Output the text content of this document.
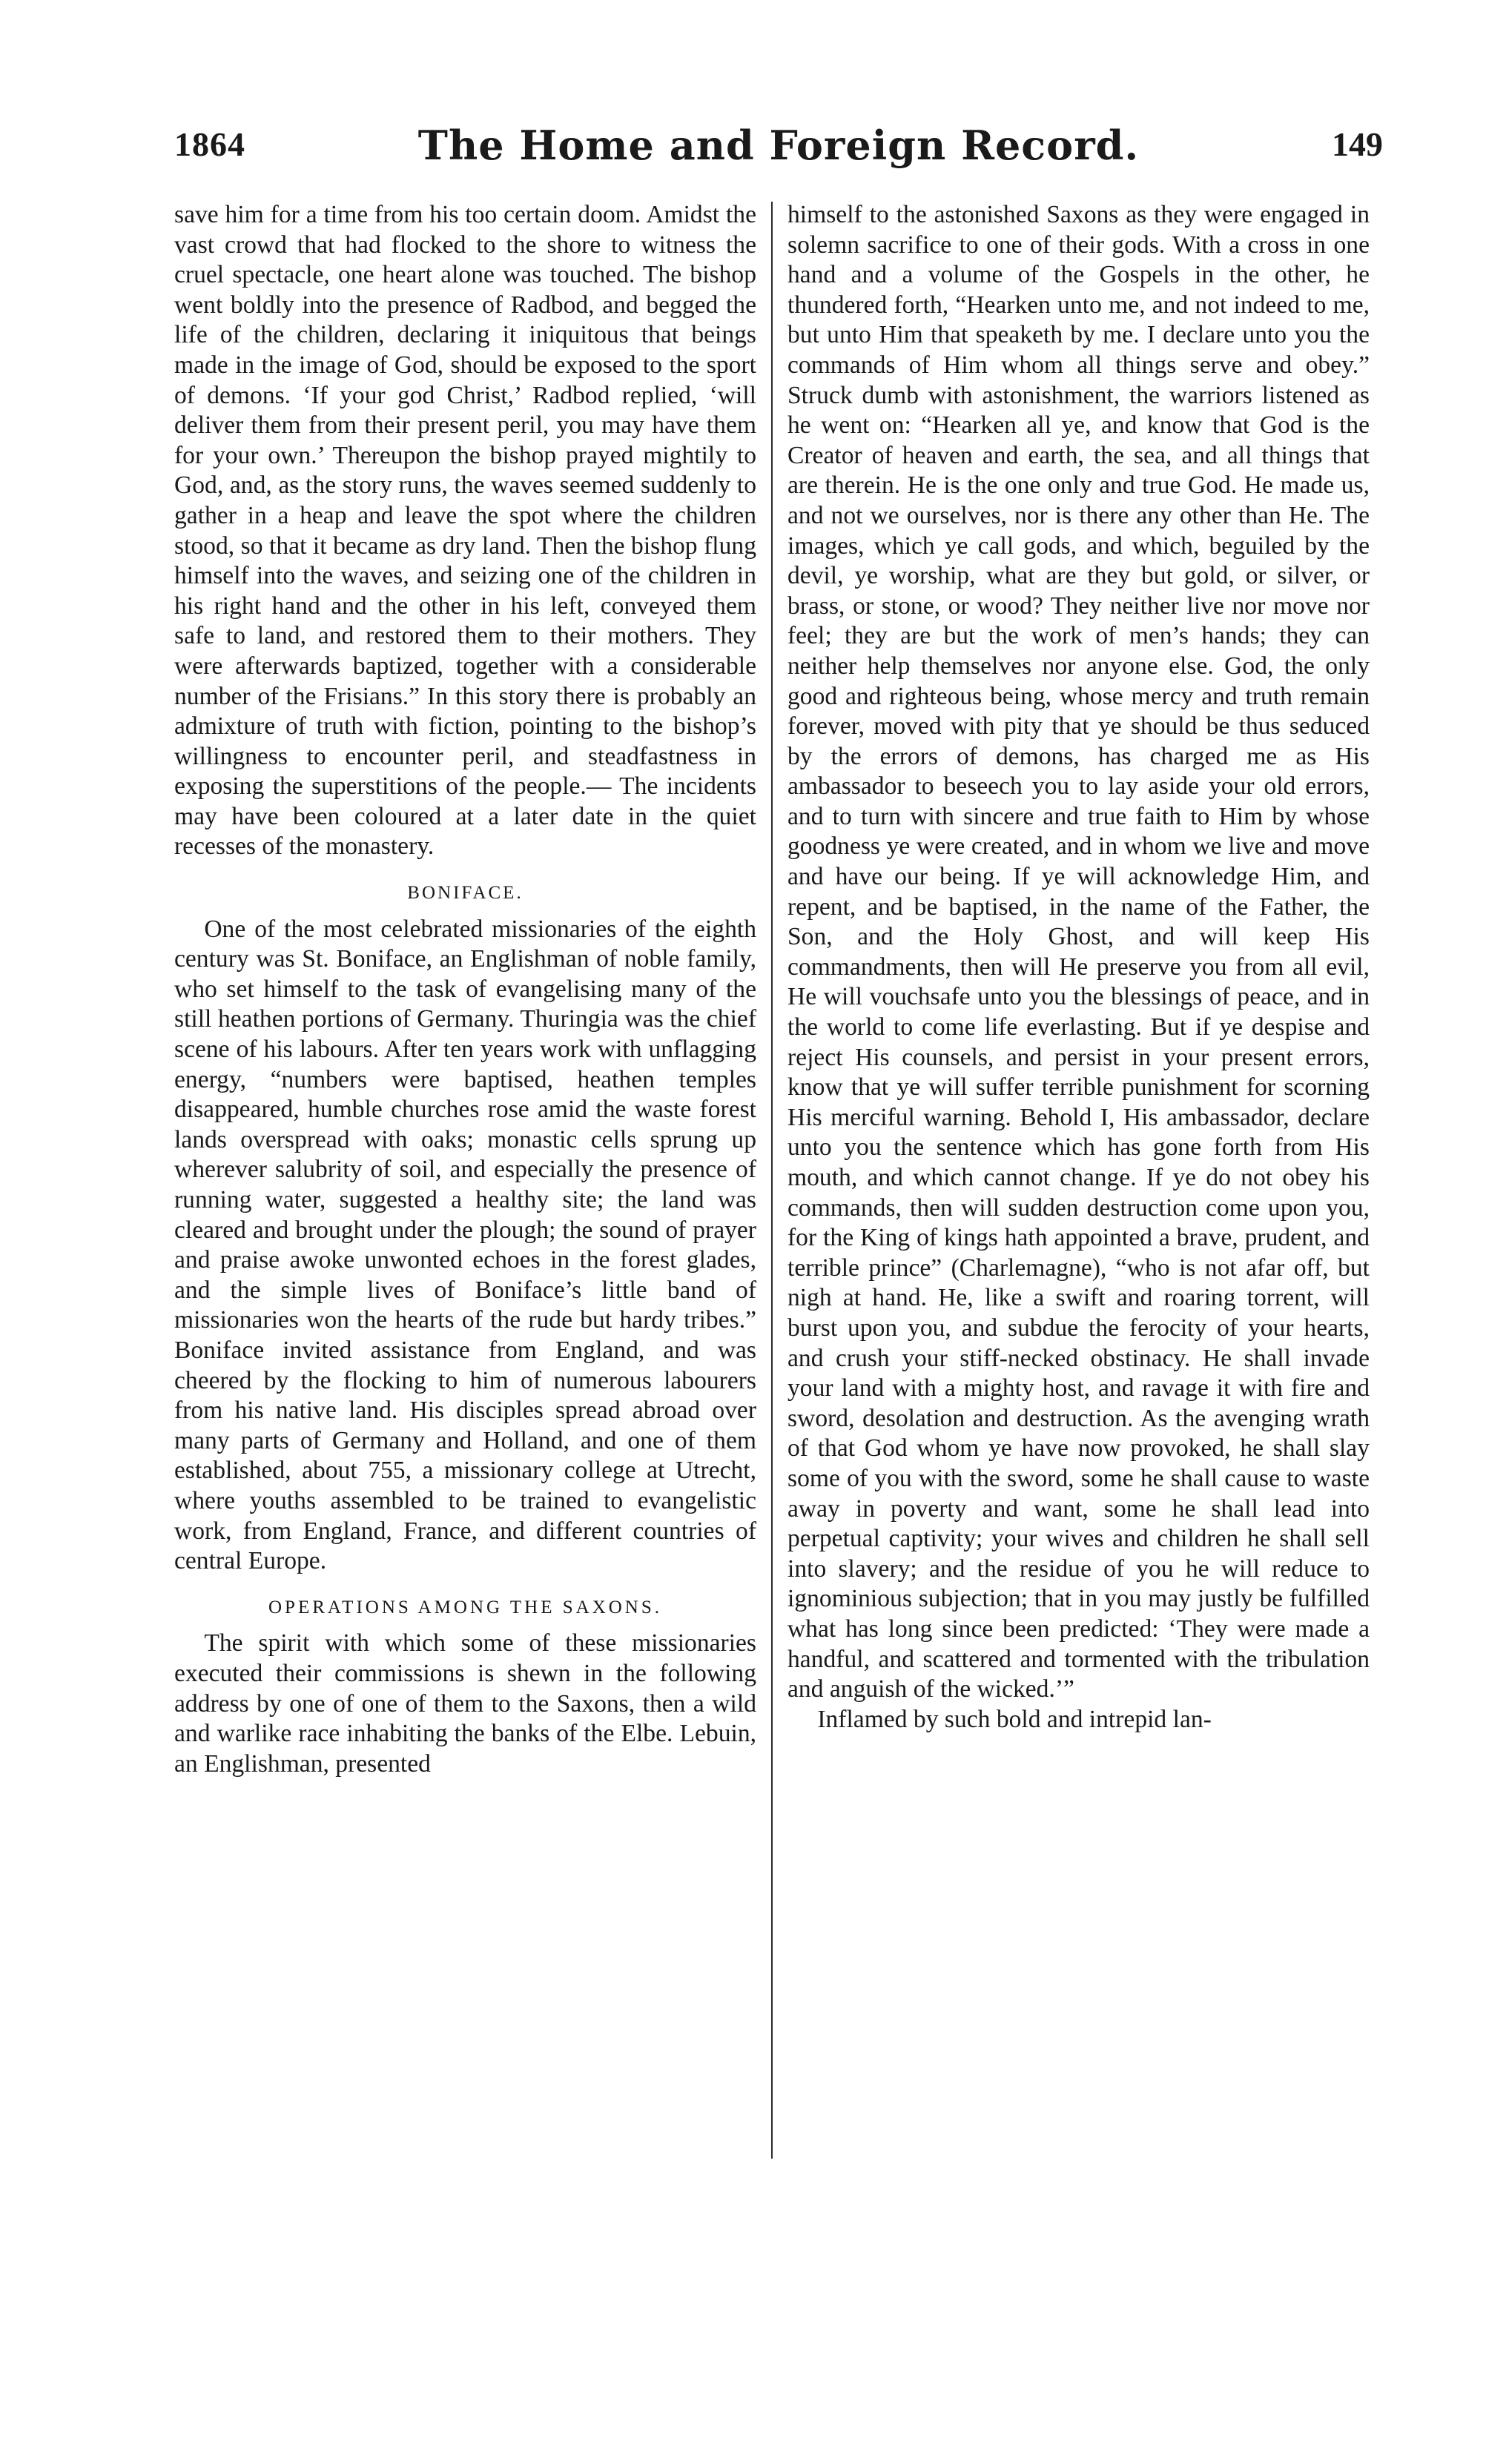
1864	The Home and Foreign Record.	149

save him for a time from his too certain doom. Amidst the vast crowd that had flocked to the shore to witness the cruel spectacle, one heart alone was touched. The bishop went boldly into the presence of Radbod, and begged the life of the children, declaring it iniquitous that beings made in the image of God, should be exposed to the sport of demons. ‘If your god Christ,’ Radbod replied, ‘will deliver them from their present peril, you may have them for your own.’ Thereupon the bishop prayed mightily to God, and, as the story runs, the waves seemed suddenly to gather in a heap and leave the spot where the children stood, so that it became as dry land. Then the bishop flung himself into the waves, and seizing one of the children in his right hand and the other in his left, conveyed them safe to land, and restored them to their mothers. They were afterwards baptized, together with a considerable number of the Frisians.” In this story there is probably an admixture of truth with fiction, pointing to the bishop’s willingness to encounter peril, and steadfastness in exposing the superstitions of the people.— The incidents may have been coloured at a later date in the quiet recesses of the monastery.

BONIFACE.

One of the most celebrated missionaries of the eighth century was St. Boniface, an Englishman of noble family, who set himself to the task of evangelising many of the still heathen portions of Germany. Thuringia was the chief scene of his labours. After ten years work with unflagging energy, “numbers were baptised, heathen temples disappeared, humble churches rose amid the waste forest lands overspread with oaks; monastic cells sprung up wherever salubrity of soil, and especially the presence of running water, suggested a healthy site; the land was cleared and brought under the plough; the sound of prayer and praise awoke unwonted echoes in the forest glades, and the simple lives of Boniface’s little band of missionaries won the hearts of the rude but hardy tribes.” Boniface invited assistance from England, and was cheered by the flocking to him of numerous labourers from his native land. His disciples spread abroad over many parts of Germany and Holland, and one of them established, about 755, a missionary college at Utrecht, where youths assembled to be trained to evangelistic work, from England, France, and different countries of central Europe.

OPERATIONS AMONG THE SAXONS.

The spirit with which some of these missionaries executed their commissions is shewn in the following address by one of one of them to the Saxons, then a wild and warlike race inhabiting the banks of the Elbe. Lebuin, an Englishman, presented

himself to the astonished Saxons as they were engaged in solemn sacrifice to one of their gods. With a cross in one hand and a volume of the Gospels in the other, he thundered forth, “Hearken unto me, and not indeed to me, but unto Him that speaketh by me. I declare unto you the commands of Him whom all things serve and obey.” Struck dumb with astonishment, the warriors listened as he went on: “Hearken all ye, and know that God is the Creator of heaven and earth, the sea, and all things that are therein. He is the one only and true God. He made us, and not we ourselves, nor is there any other than He. The images, which ye call gods, and which, beguiled by the devil, ye worship, what are they but gold, or silver, or brass, or stone, or wood? They neither live nor move nor feel; they are but the work of men’s hands; they can neither help themselves nor anyone else. God, the only good and righteous being, whose mercy and truth remain forever, moved with pity that ye should be thus seduced by the errors of demons, has charged me as His ambassador to beseech you to lay aside your old errors, and to turn with sincere and true faith to Him by whose goodness ye were created, and in whom we live and move and have our being. If ye will acknowledge Him, and repent, and be baptised, in the name of the Father, the Son, and the Holy Ghost, and will keep His commandments, then will He preserve you from all evil, He will vouchsafe unto you the blessings of peace, and in the world to come life everlasting. But if ye despise and reject His counsels, and persist in your present errors, know that ye will suffer terrible punishment for scorning His merciful warning. Behold I, His ambassador, declare unto you the sentence which has gone forth from His mouth, and which cannot change. If ye do not obey his commands, then will sudden destruction come upon you, for the King of kings hath appointed a brave, prudent, and terrible prince” (Charlemagne), “who is not afar off, but nigh at hand. He, like a swift and roaring torrent, will burst upon you, and subdue the ferocity of your hearts, and crush your stiff-necked obstinacy. He shall invade your land with a mighty host, and ravage it with fire and sword, desolation and destruction. As the avenging wrath of that God whom ye have now provoked, he shall slay some of you with the sword, some he shall cause to waste away in poverty and want, some he shall lead into perpetual captivity; your wives and children he shall sell into slavery; and the residue of you he will reduce to ignominious subjection; that in you may justly be fulfilled what has long since been predicted: ‘They were made a handful, and scattered and tormented with the tribulation and anguish of the wicked.’”

Inflamed by such bold and intrepid lan-
